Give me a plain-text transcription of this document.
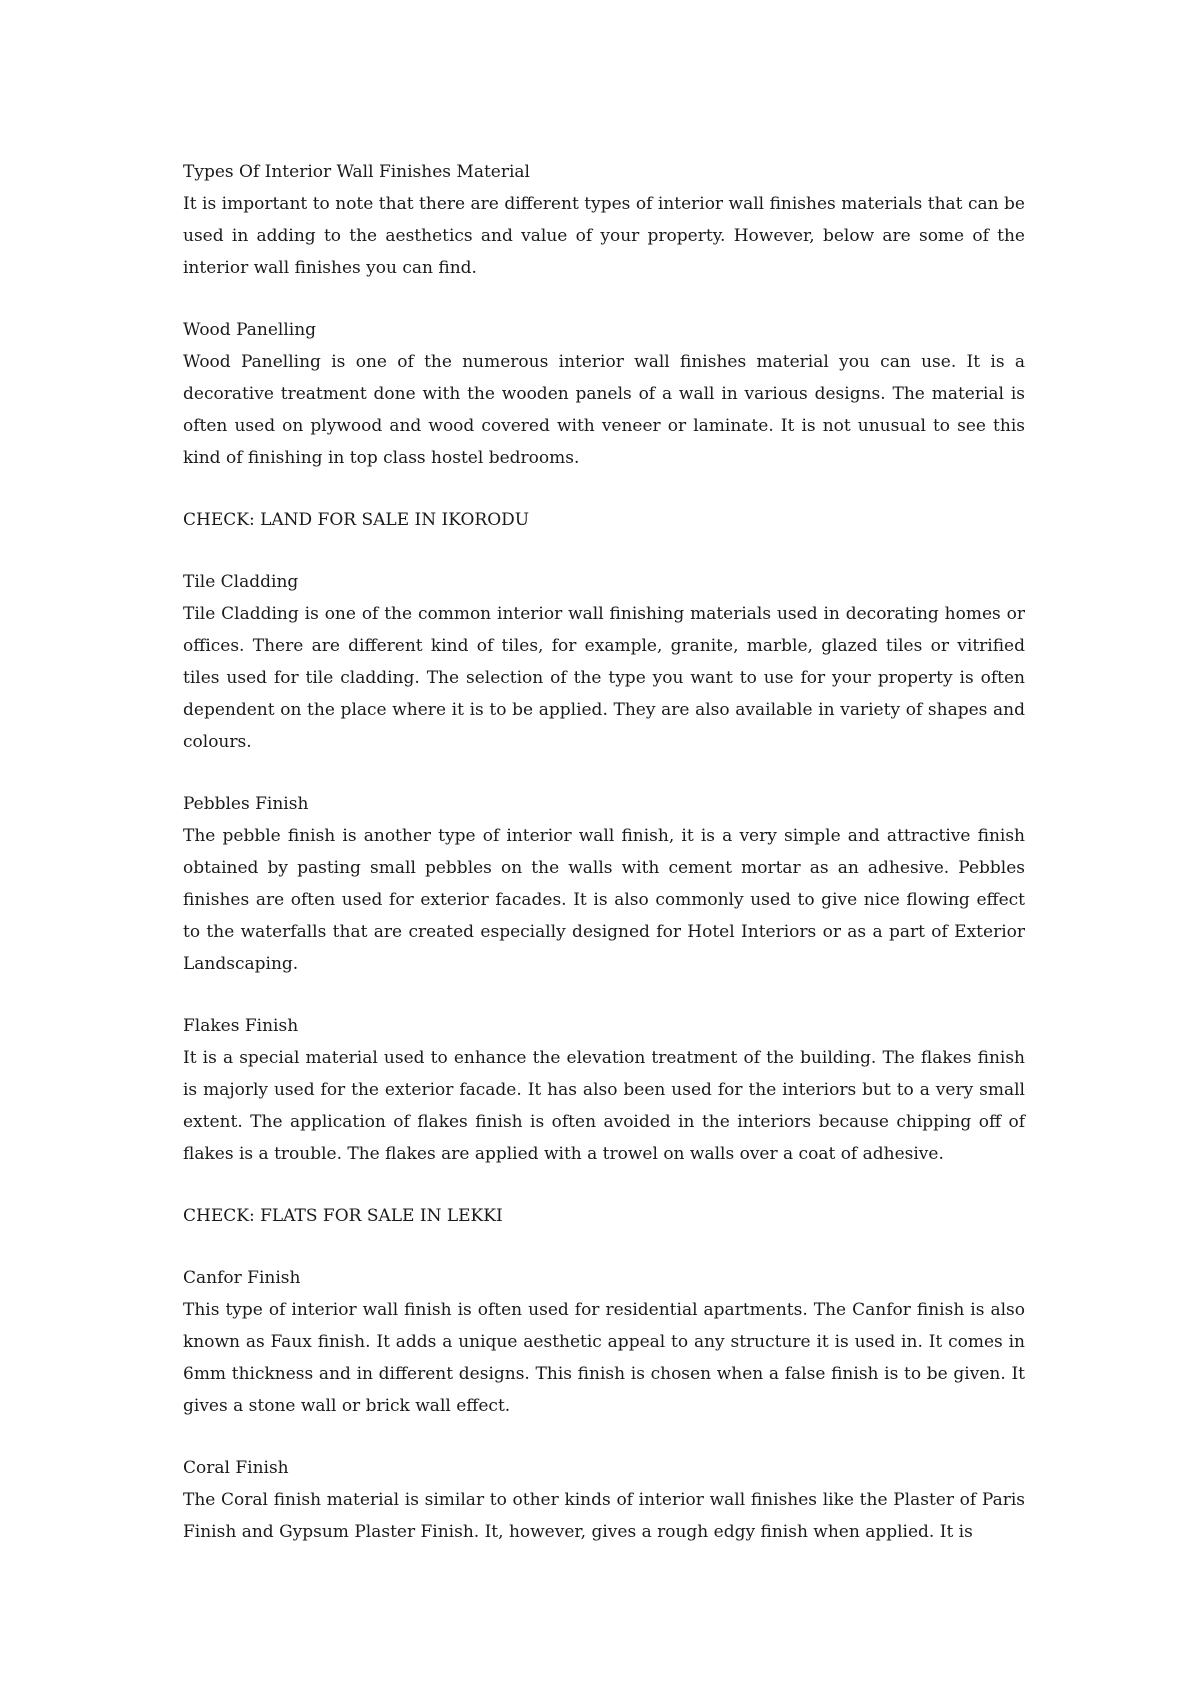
Types Of Interior Wall Finishes Material
It is important to note that there are different types of interior wall finishes materials that can be used in adding to the aesthetics and value of your property. However, below are some of the interior wall finishes you can find.
Wood Panelling
Wood Panelling is one of the numerous interior wall finishes material you can use. It is a decorative treatment done with the wooden panels of a wall in various designs. The material is often used on plywood and wood covered with veneer or laminate. It is not unusual to see this kind of finishing in top class hostel bedrooms.
CHECK: LAND FOR SALE IN IKORODU
Tile Cladding
Tile Cladding is one of the common interior wall finishing materials used in decorating homes or offices. There are different kind of tiles, for example, granite, marble, glazed tiles or vitrified tiles used for tile cladding. The selection of the type you want to use for your property is often dependent on the place where it is to be applied. They are also available in variety of shapes and colours.
Pebbles Finish
The pebble finish is another type of interior wall finish, it is a very simple and attractive finish obtained by pasting small pebbles on the walls with cement mortar as an adhesive. Pebbles finishes are often used for exterior facades. It is also commonly used to give nice flowing effect to the waterfalls that are created especially designed for Hotel Interiors or as a part of Exterior Landscaping.
Flakes Finish
It is a special material used to enhance the elevation treatment of the building. The flakes finish is majorly used for the exterior facade. It has also been used for the interiors but to a very small extent. The application of flakes finish is often avoided in the interiors because chipping off of flakes is a trouble. The flakes are applied with a trowel on walls over a coat of adhesive.
CHECK: FLATS FOR SALE IN LEKKI
Canfor Finish
This type of interior wall finish is often used for residential apartments. The Canfor finish is also known as Faux finish. It adds a unique aesthetic appeal to any structure it is used in. It comes in 6mm thickness and in different designs. This finish is chosen when a false finish is to be given. It gives a stone wall or brick wall effect.
Coral Finish
The Coral finish material is similar to other kinds of interior wall finishes like the Plaster of Paris Finish and Gypsum Plaster Finish. It, however, gives a rough edgy finish when applied. It is
